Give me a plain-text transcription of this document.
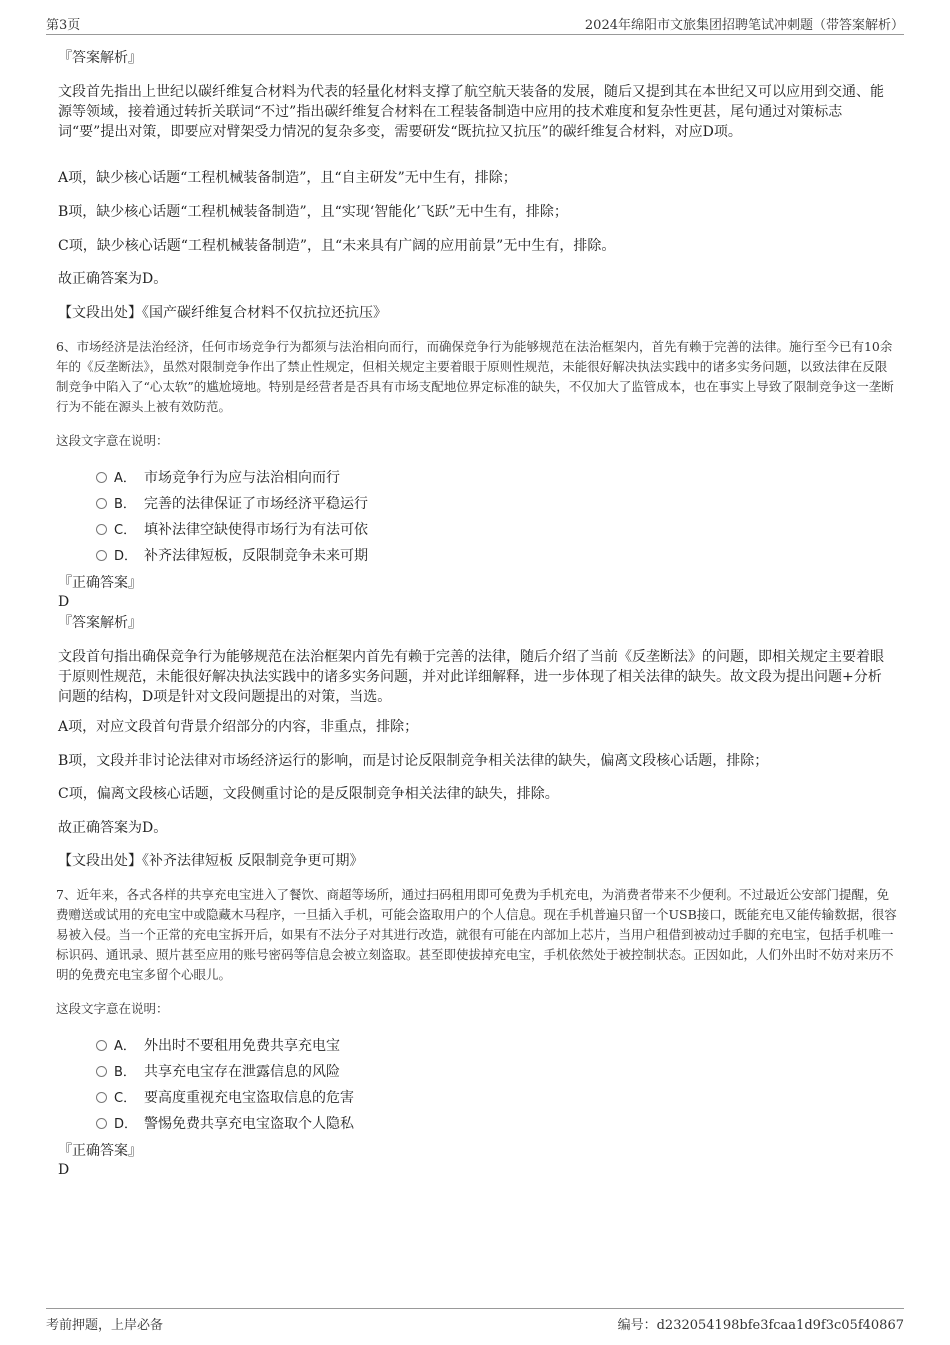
第3页	2024年绵阳市文旅集团招聘笔试冲刺题（带答案解析）
『答案解析』
文段首先指出上世纪以碳纤维复合材料为代表的轻量化材料支撑了航空航天装备的发展，随后又提到其在本世纪又可以应用到交通、能源等领域，接着通过转折关联词“不过”指出碳纤维复合材料在工程装备制造中应用的技术难度和复杂性更甚，尾句通过对策标志词“要”提出对策，即要应对臂架受力情况的复杂多变，需要研发“既抗拉又抗压”的碳纤维复合材料，对应D项。
A项，缺少核心话题“工程机械装备制造”，且“自主研发”无中生有，排除；
B项，缺少核心话题“工程机械装备制造”，且“实现‘智能化’飞跃”无中生有，排除；
C项，缺少核心话题“工程机械装备制造”，且“未来具有广阔的应用前景”无中生有，排除。
故正确答案为D。
【文段出处】《国产碳纤维复合材料不仅抗拉还抗压》
6、市场经济是法治经济，任何市场竞争行为都须与法治相向而行，而确保竞争行为能够规范在法治框架内，首先有赖于完善的法律。施行至今已有10余年的《反垄断法》，虽然对限制竞争作出了禁止性规定，但相关规定主要着眼于原则性规范，未能很好解决执法实践中的诸多实务问题，以致法律在反限制竞争中陷入了“心太软”的尴尬境地。特别是经营者是否具有市场支配地位界定标准的缺失，不仅加大了监管成本，也在事实上导致了限制竞争这一垄断行为不能在源头上被有效防范。
这段文字意在说明：
A． 市场竞争行为应与法治相向而行
B． 完善的法律保证了市场经济平稳运行
C． 填补法律空缺使得市场行为有法可依
D． 补齐法律短板，反限制竞争未来可期
『正确答案』
D
『答案解析』
文段首句指出确保竞争行为能够规范在法治框架内首先有赖于完善的法律，随后介绍了当前《反垄断法》的问题，即相关规定主要着眼于原则性规范，未能很好解决执法实践中的诸多实务问题，并对此详细解释，进一步体现了相关法律的缺失。故文段为提出问题+分析问题的结构，D项是针对文段问题提出的对策，当选。
A项，对应文段首句背景介绍部分的内容，非重点，排除；
B项，文段并非讨论法律对市场经济运行的影响，而是讨论反限制竞争相关法律的缺失，偏离文段核心话题，排除；
C项，偏离文段核心话题，文段侧重讨论的是反限制竞争相关法律的缺失，排除。
故正确答案为D。
【文段出处】《补齐法律短板 反限制竞争更可期》
7、近年来，各式各样的共享充电宝进入了餐饮、商超等场所，通过扫码租用即可免费为手机充电，为消费者带来不少便利。不过最近公安部门提醒，免费赠送或试用的充电宝中或隐藏木马程序，一旦插入手机，可能会盗取用户的个人信息。现在手机普遍只留一个USB接口，既能充电又能传输数据，很容易被入侵。当一个正常的充电宝拆开后，如果有不法分子对其进行改造，就很有可能在内部加上芯片，当用户租借到被动过手脚的充电宝，包括手机唯一标识码、通讯录、照片甚至应用的账号密码等信息会被立刻盗取。甚至即使拔掉充电宝，手机依然处于被控制状态。正因如此，人们外出时不妨对来历不明的免费充电宝多留个心眼儿。
这段文字意在说明：
A． 外出时不要租用免费共享充电宝
B． 共享充电宝存在泄露信息的风险
C． 要高度重视充电宝盗取信息的危害
D． 警惕免费共享充电宝盗取个人隐私
『正确答案』
D
考前押题，上岸必备	编号：d232054198bfe3fcaa1d9f3c05f40867
